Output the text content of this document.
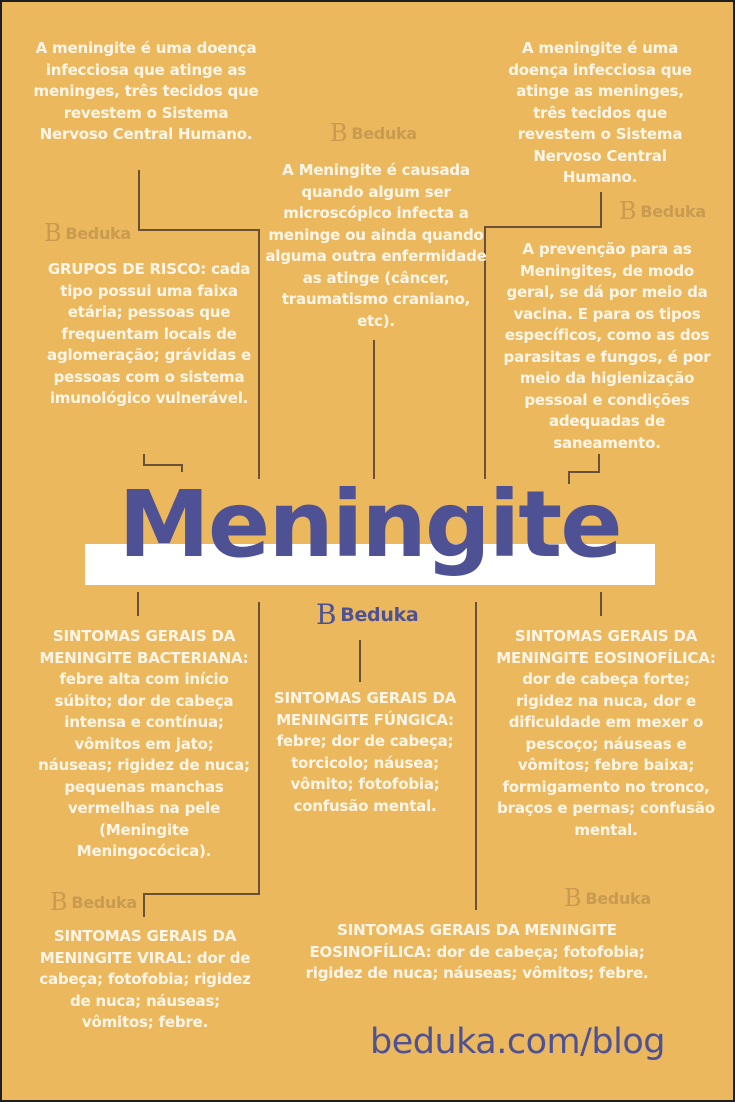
Meningite
B Beduka
B Beduka
B Beduka
B Beduka
B Beduka
B Beduka
A meningite é uma doença infecciosa que atinge as meninges, três tecidos que revestem o Sistema Nervoso Central Humano.
A meningite é uma doença infecciosa que atinge as meninges, três tecidos que revestem o Sistema Nervoso Central Humano.
A Meningite é causada quando algum ser microscópico infecta a meninge ou ainda quando alguma outra enfermidade as atinge (câncer, traumatismo craniano, etc).
GRUPOS DE RISCO: cada tipo possui uma faixa etária; pessoas que frequentam locais de aglomeração; grávidas e pessoas com o sistema imunológico vulnerável.
A prevenção para as Meningites, de modo geral, se dá por meio da vacina. E para os tipos específicos, como as dos parasitas e fungos, é por meio da higienização pessoal e condições adequadas de saneamento.
SINTOMAS GERAIS DA MENINGITE BACTERIANA: febre alta com início súbito; dor de cabeça intensa e contínua; vômitos em jato; náuseas; rigidez de nuca; pequenas manchas vermelhas na pele (Meningite Meningocócica).
SINTOMAS GERAIS DA MENINGITE FÚNGICA: febre; dor de cabeça; torcicolo; náusea; vômito; fotofobia; confusão mental.
SINTOMAS GERAIS DA MENINGITE EOSINOFÍLICA: dor de cabeça forte; rigidez na nuca, dor e dificuldade em mexer o pescoço; náuseas e vômitos; febre baixa; formigamento no tronco, braços e pernas; confusão mental.
SINTOMAS GERAIS DA MENINGITE VIRAL: dor de cabeça; fotofobia; rigidez de nuca; náuseas; vômitos; febre.
SINTOMAS GERAIS DA MENINGITE EOSINOFÍLICA: dor de cabeça; fotofobia; rigidez de nuca; náuseas; vômitos; febre.
beduka.com/blog
